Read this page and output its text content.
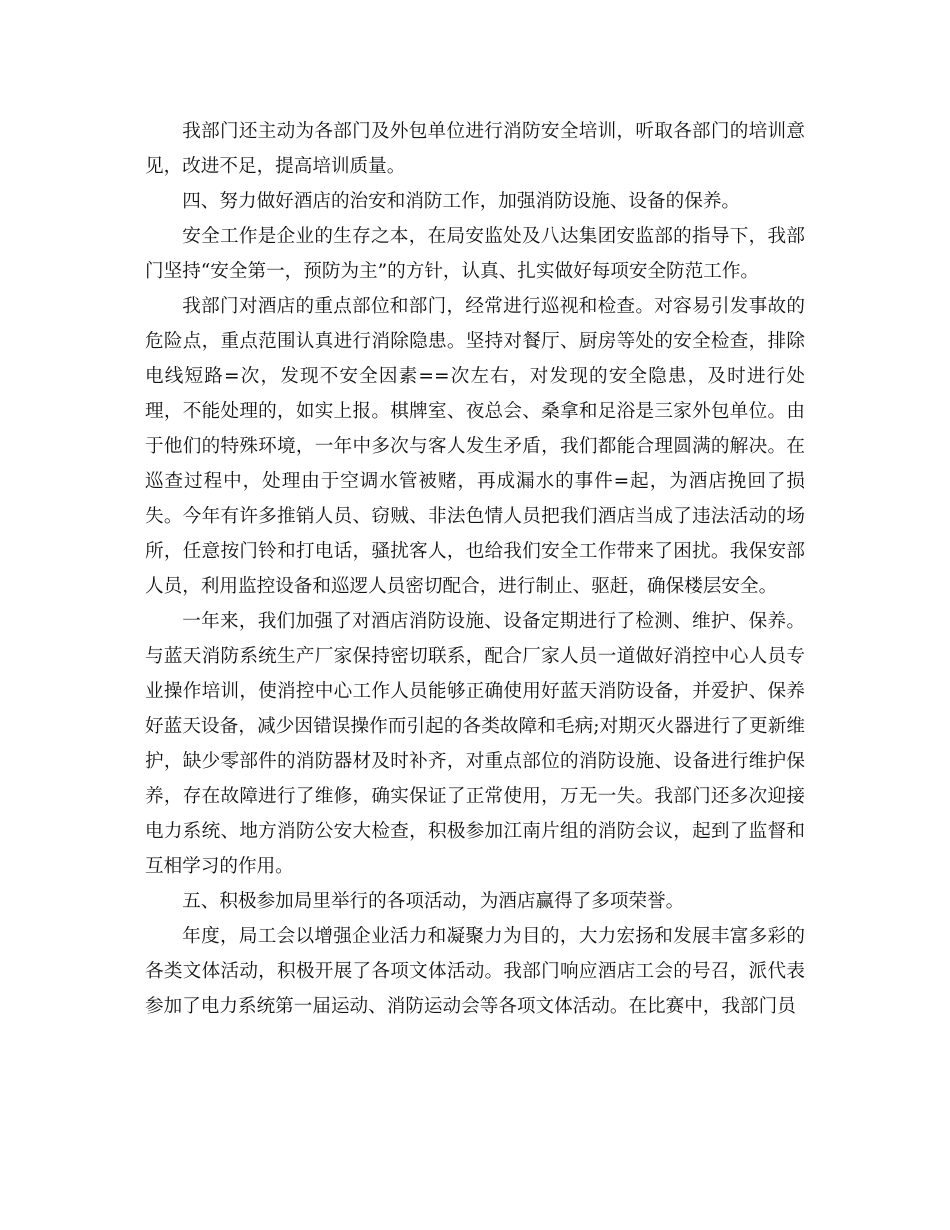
我部门还主动为各部门及外包单位进行消防安全培训，听取各部门的培训意见，改进不足，提高培训质量。

四、努力做好酒店的治安和消防工作，加强消防设施、设备的保养。

安全工作是企业的生存之本，在局安监处及八达集团安监部的指导下，我部门坚持“安全第一，预防为主”的方针，认真、扎实做好每项安全防范工作。

我部门对酒店的重点部位和部门，经常进行巡视和检查。对容易引发事故的危险点，重点范围认真进行消除隐患。坚持对餐厅、厨房等处的安全检查，排除电线短路=次，发现不安全因素==次左右，对发现的安全隐患，及时进行处理，不能处理的，如实上报。棋牌室、夜总会、桑拿和足浴是三家外包单位。由于他们的特殊环境，一年中多次与客人发生矛盾，我们都能合理圆满的解决。在巡查过程中，处理由于空调水管被赌，再成漏水的事件=起，为酒店挽回了损失。今年有许多推销人员、窃贼、非法色情人员把我们酒店当成了违法活动的场所，任意按门铃和打电话，骚扰客人，也给我们安全工作带来了困扰。我保安部人员，利用监控设备和巡逻人员密切配合，进行制止、驱赶，确保楼层安全。

一年来，我们加强了对酒店消防设施、设备定期进行了检测、维护、保养。与蓝天消防系统生产厂家保持密切联系，配合厂家人员一道做好消控中心人员专业操作培训，使消控中心工作人员能够正确使用好蓝天消防设备，并爱护、保养好蓝天设备，减少因错误操作而引起的各类故障和毛病;对期灭火器进行了更新维护，缺少零部件的消防器材及时补齐，对重点部位的消防设施、设备进行维护保养，存在故障进行了维修，确实保证了正常使用，万无一失。我部门还多次迎接电力系统、地方消防公安大检查，积极参加江南片组的消防会议，起到了监督和互相学习的作用。

五、积极参加局里举行的各项活动，为酒店赢得了多项荣誉。

年度，局工会以增强企业活力和凝聚力为目的，大力宏扬和发展丰富多彩的各类文体活动，积极开展了各项文体活动。我部门响应酒店工会的号召，派代表参加了电力系统第一届运动、消防运动会等各项文体活动。在比赛中，我部门员
